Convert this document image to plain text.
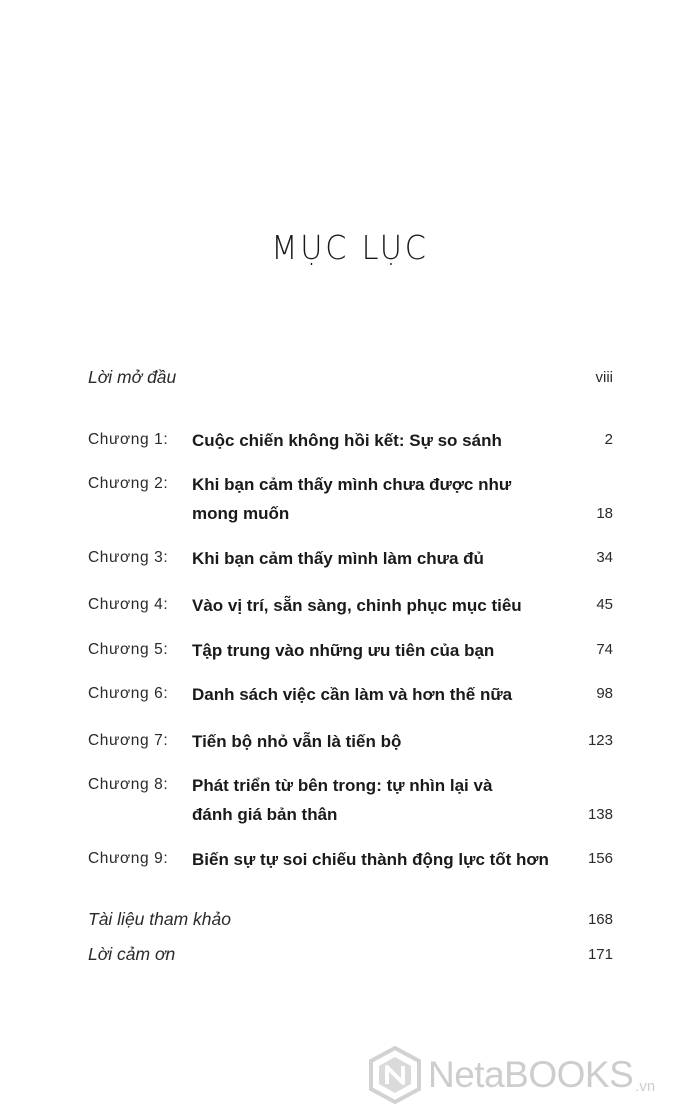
MỤC LỤC
Lời mở đầu	viii
Chương 1: Cuộc chiến không hồi kết: Sự so sánh	2
Chương 2: Khi bạn cảm thấy mình chưa được như
mong muốn	18
Chương 3: Khi bạn cảm thấy mình làm chưa đủ	34
Chương 4: Vào vị trí, sẵn sàng, chinh phục mục tiêu	45
Chương 5: Tập trung vào những ưu tiên của bạn	74
Chương 6: Danh sách việc cần làm và hơn thế nữa	98
Chương 7: Tiến bộ nhỏ vẫn là tiến bộ	123
Chương 8: Phát triển từ bên trong: tự nhìn lại và
đánh giá bản thân	138
Chương 9: Biến sự tự soi chiếu thành động lực tốt hơn	156
Tài liệu tham khảo	168
Lời cảm ơn	171
NetaBOOKS .vn
